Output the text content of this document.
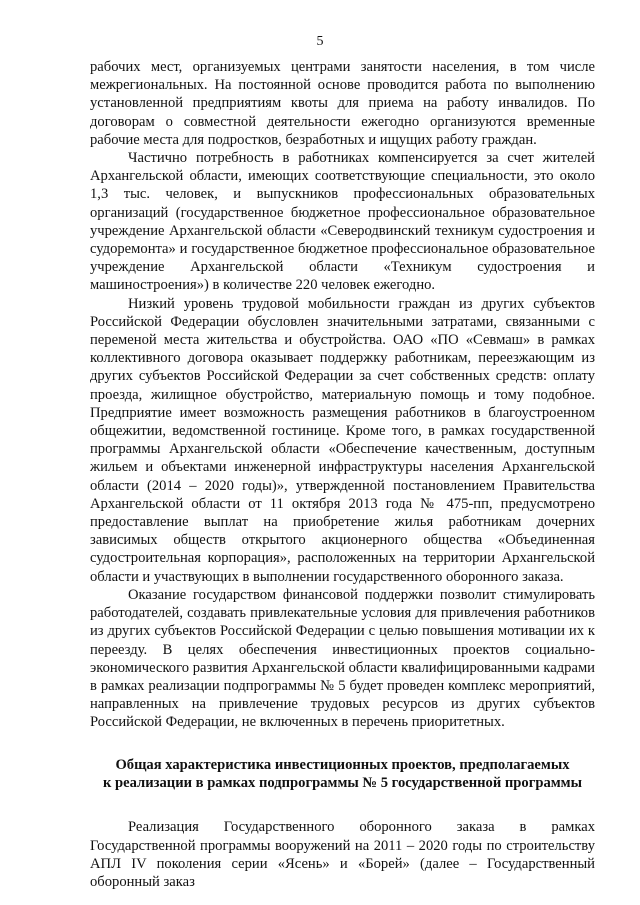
5

рабочих мест, организуемых центрами занятости населения, в том числе межрегиональных. На постоянной основе проводится работа по выполнению установленной предприятиям квоты для приема на работу инвалидов. По договорам о совместной деятельности ежегодно организуются временные рабочие места для подростков, безработных и ищущих работу граждан.

Частично потребность в работниках компенсируется за счет жителей Архангельской области, имеющих соответствующие специальности, это около 1,3 тыс. человек, и выпускников профессиональных образовательных организаций (государственное бюджетное профессиональное образовательное учреждение Архангельской области «Северодвинский техникум судостроения и судоремонта» и государственное бюджетное профессиональное образовательное учреждение Архангельской области «Техникум судостроения и машиностроения») в количестве 220 человек ежегодно.

Низкий уровень трудовой мобильности граждан из других субъектов Российской Федерации обусловлен значительными затратами, связанными с переменой места жительства и обустройства. ОАО «ПО «Севмаш» в рамках коллективного договора оказывает поддержку работникам, переезжающим из других субъектов Российской Федерации за счет собственных средств: оплату проезда, жилищное обустройство, материальную помощь и тому подобное. Предприятие имеет возможность размещения работников в благоустроенном общежитии, ведомственной гостинице. Кроме того, в рамках государственной программы Архангельской области «Обеспечение качественным, доступным жильем и объектами инженерной инфраструктуры населения Архангельской области (2014 – 2020 годы)», утвержденной постановлением Правительства Архангельской области от 11 октября 2013 года № 475-пп, предусмотрено предоставление выплат на приобретение жилья работникам дочерних зависимых обществ открытого акционерного общества «Объединенная судостроительная корпорация», расположенных на территории Архангельской области и участвующих в выполнении государственного оборонного заказа.

Оказание государством финансовой поддержки позволит стимулировать работодателей, создавать привлекательные условия для привлечения работников из других субъектов Российской Федерации с целью повышения мотивации их к переезду. В целях обеспечения инвестиционных проектов социально-экономического развития Архангельской области квалифицированными кадрами в рамках реализации подпрограммы № 5 будет проведен комплекс мероприятий, направленных на привлечение трудовых ресурсов из других субъектов Российской Федерации, не включенных в перечень приоритетных.

Общая характеристика инвестиционных проектов, предполагаемых
к реализации в рамках подпрограммы № 5 государственной программы

Реализация Государственного оборонного заказа в рамках Государственной программы вооружений на 2011 – 2020 годы по строительству АПЛ IV поколения серии «Ясень» и «Борей» (далее – Государственный оборонный заказ
